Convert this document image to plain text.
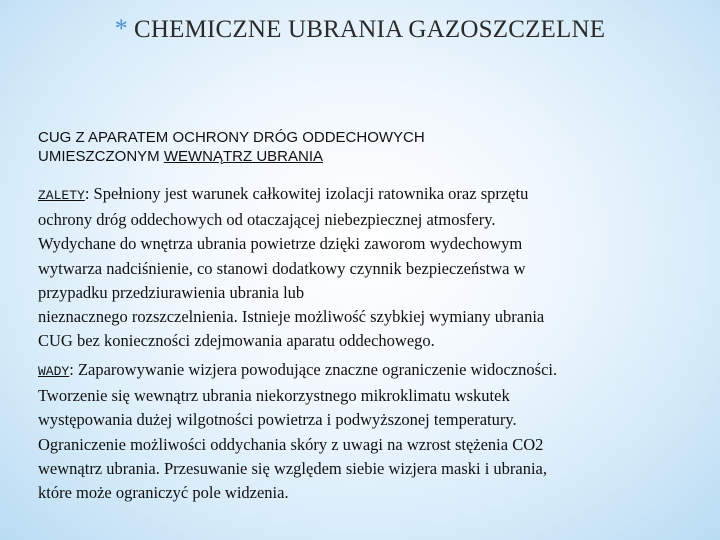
* CHEMICZNE UBRANIA GAZOSZCZELNE
CUG Z APARATEM OCHRONY DRÓG ODDECHOWYCH
UMIESZCZONYM WEWNĄTRZ UBRANIA
ZALETY: Spełniony jest warunek całkowitej izolacji ratownika oraz sprzętu
ochrony dróg oddechowych od otaczającej niebezpiecznej atmosfery.
Wydychane do wnętrza ubrania powietrze dzięki zaworom wydechowym
wytwarza nadciśnienie, co stanowi dodatkowy czynnik bezpieczeństwa w
przypadku przedziurawienia ubrania lub
nieznacznego rozszczelnienia. Istnieje możliwość szybkiej wymiany ubrania
CUG bez konieczności zdejmowania aparatu oddechowego.
WADY: Zaparowywanie wizjera powodujące znaczne ograniczenie widoczności.
Tworzenie się wewnątrz ubrania niekorzystnego mikroklimatu wskutek
występowania dużej wilgotności powietrza i podwyższonej temperatury.
Ograniczenie możliwości oddychania skóry z uwagi na wzrost stężenia CO2
wewnątrz ubrania. Przesuwanie się względem siebie wizjera maski i ubrania,
które może ograniczyć pole widzenia.
